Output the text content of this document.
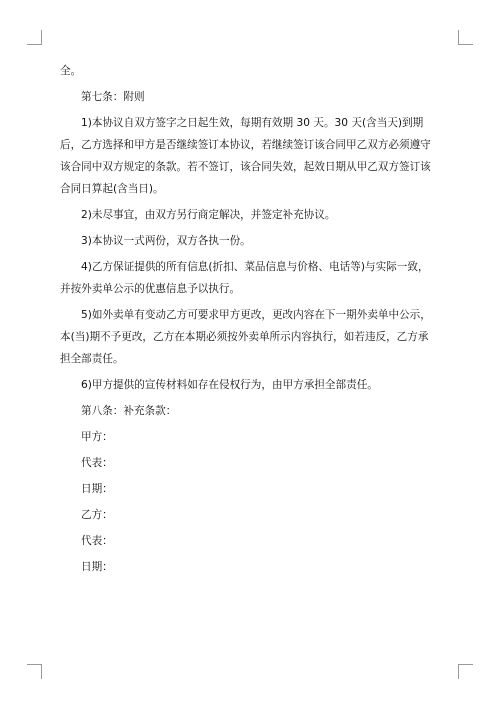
全。

第七条：附则

1)本协议自双方签字之日起生效，每期有效期 30 天。30 天(含当天)到期后，乙方选择和甲方是否继续签订本协议，若继续签订该合同甲乙双方必须遵守该合同中双方规定的条款。若不签订，该合同失效，起效日期从甲乙双方签订该合同日算起(含当日)。

2)未尽事宜，由双方另行商定解决，并签定补充协议。

3)本协议一式两份，双方各执一份。

4)乙方保证提供的所有信息(折扣、菜品信息与价格、电话等)与实际一致，并按外卖单公示的优惠信息予以执行。

5)如外卖单有变动乙方可要求甲方更改，更改内容在下一期外卖单中公示，本(当)期不予更改，乙方在本期必须按外卖单所示内容执行，如若违反，乙方承担全部责任。

6)甲方提供的宣传材料如存在侵权行为，由甲方承担全部责任。

第八条：补充条款：

甲方：

代表：

日期：

乙方：

代表：

日期：
